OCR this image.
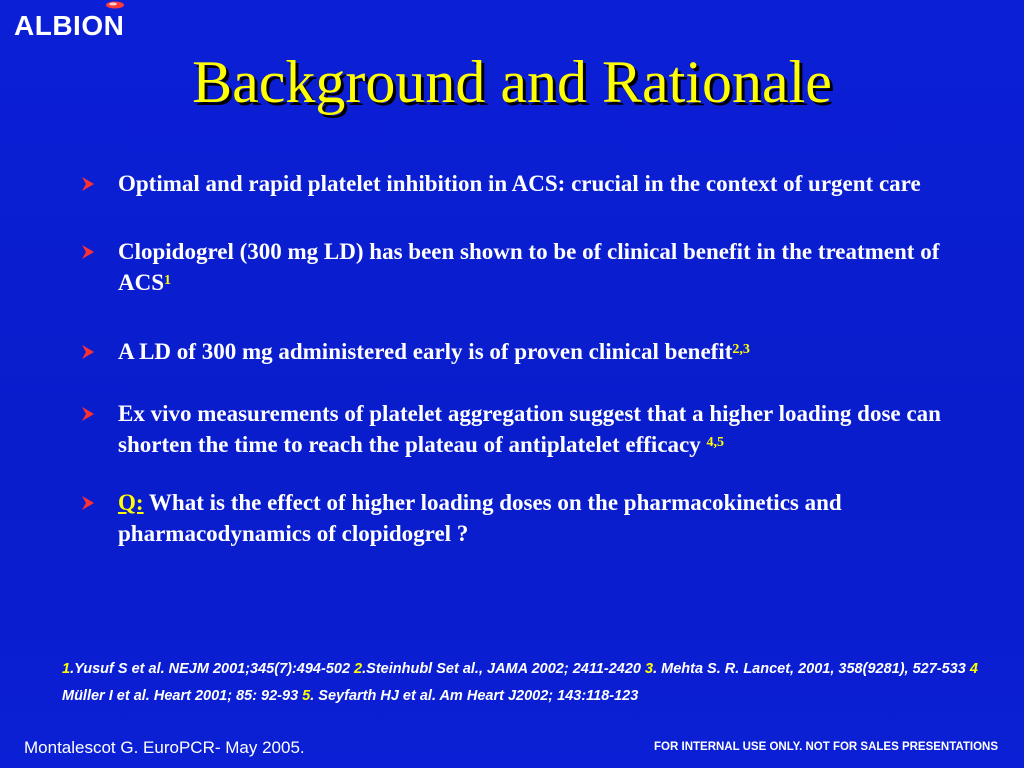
ALBION
Background and Rationale
Optimal and rapid platelet inhibition in ACS: crucial in the context of urgent care
Clopidogrel (300 mg LD) has been shown to be of clinical benefit in the treatment of ACS$^1$
A LD of 300 mg administered early is of proven clinical benefit$^{2,3}$
Ex vivo measurements of platelet aggregation suggest that a higher loading dose can shorten the time to reach the plateau of antiplatelet efficacy $^{4,5}$
Q: What is the effect of higher loading doses on the pharmacokinetics and pharmacodynamics of clopidogrel ?
1.Yusuf S et al. NEJM 2001;345(7):494-502 2.Steinhubl Set al., JAMA 2002; 2411-2420 3. Mehta S. R. Lancet, 2001, 358(9281), 527-533 4 Müller I et al. Heart 2001; 85: 92-93 5. Seyfarth HJ et al. Am Heart J2002; 143:118-123
Montalescot G. EuroPCR- May 2005.	FOR INTERNAL USE ONLY. NOT FOR SALES PRESENTATIONS
